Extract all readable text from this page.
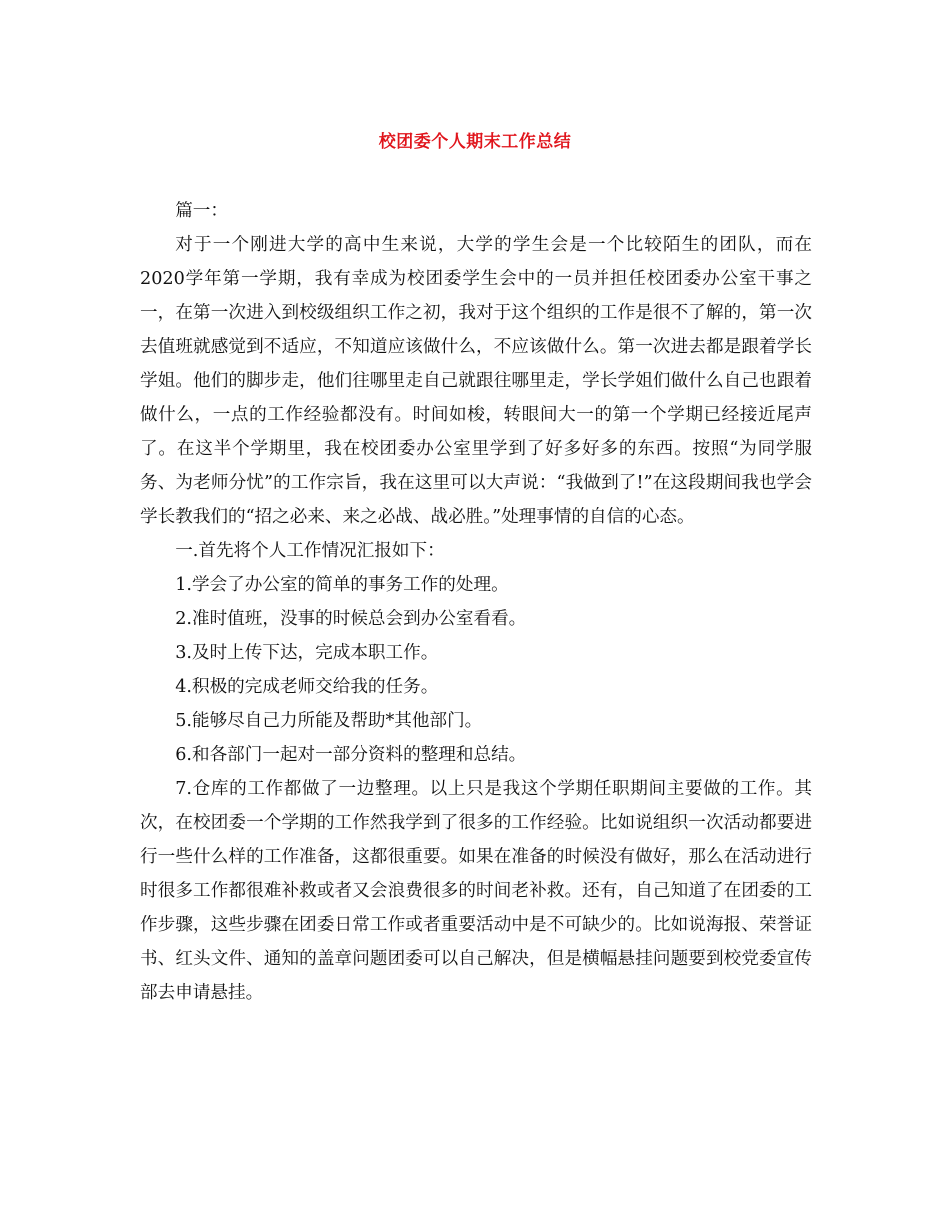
校团委个人期末工作总结

篇一：

对于一个刚进大学的高中生来说，大学的学生会是一个比较陌生的团队，而在2020学年第一学期，我有幸成为校团委学生会中的一员并担任校团委办公室干事之一，在第一次进入到校级组织工作之初，我对于这个组织的工作是很不了解的，第一次去值班就感觉到不适应，不知道应该做什么，不应该做什么。第一次进去都是跟着学长学姐。他们的脚步走，他们往哪里走自己就跟往哪里走，学长学姐们做什么自己也跟着做什么，一点的工作经验都没有。时间如梭，转眼间大一的第一个学期已经接近尾声了。在这半个学期里，我在校团委办公室里学到了好多好多的东西。按照“为同学服务、为老师分忧”的工作宗旨，我在这里可以大声说：“我做到了!”在这段期间我也学会学长教我们的“招之必来、来之必战、战必胜。”处理事情的自信的心态。

一.首先将个人工作情况汇报如下：

1.学会了办公室的简单的事务工作的处理。

2.准时值班，没事的时候总会到办公室看看。

3.及时上传下达，完成本职工作。

4.积极的完成老师交给我的任务。

5.能够尽自己力所能及帮助*其他部门。

6.和各部门一起对一部分资料的整理和总结。

7.仓库的工作都做了一边整理。以上只是我这个学期任职期间主要做的工作。其次，在校团委一个学期的工作然我学到了很多的工作经验。比如说组织一次活动都要进行一些什么样的工作准备，这都很重要。如果在准备的时候没有做好，那么在活动进行时很多工作都很难补救或者又会浪费很多的时间老补救。还有，自己知道了在团委的工作步骤，这些步骤在团委日常工作或者重要活动中是不可缺少的。比如说海报、荣誉证书、红头文件、通知的盖章问题团委可以自己解决，但是横幅悬挂问题要到校党委宣传部去申请悬挂。
